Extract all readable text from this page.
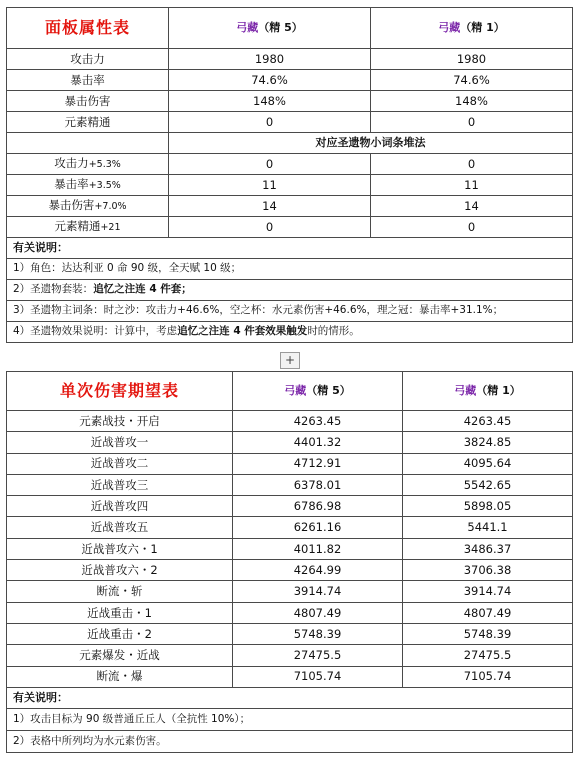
面板属性表	弓藏（精 5）	弓藏（精 1）
攻击力	1980	1980
暴击率	74.6%	74.6%
暴击伤害	148%	148%
元素精通	0	0
	对应圣遗物小词条堆法	
攻击力+5.3%	0	0
暴击率+3.5%	11	11
暴击伤害+7.0%	14	14
元素精通+21	0	0
有关说明：		
1）角色：达达利亚 0 命 90 级，全天赋 10 级；		
2）圣遗物套装：追忆之注连 4 件套；		
3）圣遗物主词条：时之沙：攻击力+46.6%，空之杯：水元素伤害+46.6%，理之冠：暴击率+31.1%；		
4）圣遗物效果说明：计算中，考虑追忆之注连 4 件套效果触发时的情形。		
+
单次伤害期望表	弓藏（精 5）	弓藏（精 1）
元素战技・开启	4263.45	4263.45
近战普攻一	4401.32	3824.85
近战普攻二	4712.91	4095.64
近战普攻三	6378.01	5542.65
近战普攻四	6786.98	5898.05
近战普攻五	6261.16	5441.1
近战普攻六・1	4011.82	3486.37
近战普攻六・2	4264.99	3706.38
断流・斩	3914.74	3914.74
近战重击・1	4807.49	4807.49
近战重击・2	5748.39	5748.39
元素爆发・近战	27475.5	27475.5
断流・爆	7105.74	7105.74
有关说明：		
1）攻击目标为 90 级普通丘丘人（全抗性 10%）；		
2）表格中所列均为水元素伤害。		
